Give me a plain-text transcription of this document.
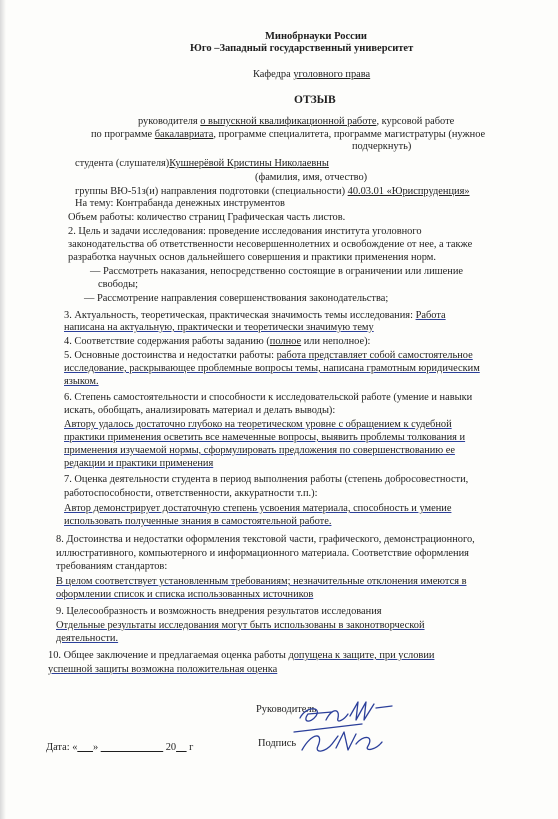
Минобрнауки России
Юго –Западный государственный университет
Кафедра уголовного права
ОТЗЫВ
руководителя о выпускной квалификационной работе, курсовой работе
по программе бакалавриата, программе специалитета, программе магистратуры (нужное
подчеркнуть)
студента (слушателя)Кушнерёвой Кристины Николаевны
(фамилия, имя, отчество)
группы ВЮ-51з(и) направления подготовки (специальности) 40.03.01 «Юриспруденция»
На тему: Контрабанда денежных инструментов
Объем работы: количество страниц Графическая часть листов.
2. Цель и задачи исследования: проведение исследования института уголовного
законодательства об ответственности несовершеннолетних и освобождение от нее, а также
разработка научных основ дальнейшего совершения и практики применения норм.
— Рассмотреть наказания, непосредственно состоящие в ограничении или лишение
свободы;
— Рассмотрение направления совершенствования законодательства;
3. Актуальность, теоретическая, практическая значимость темы исследования: Работа
написана на актуальную, практически и теоретически значимую тему
4. Соответствие содержания работы заданию (полное или неполное):
5. Основные достоинства и недостатки работы: работа представляет собой самостоятельное
исследование, раскрывающее проблемные вопросы темы, написана грамотным юридическим
языком.
6. Степень самостоятельности и способности к исследовательской работе (умение и навыки
искать, обобщать, анализировать материал и делать выводы):
Автору удалось достаточно глубоко на теоретическом уровне с обращением к судебной
практики применения осветить все намеченные вопросы, выявить проблемы толкования и
применения изучаемой нормы, сформулировать предложения по совершенствованию ее
редакции и практики применения
7. Оценка деятельности студента в период выполнения работы (степень добросовестности,
работоспособности, ответственности, аккуратности т.п.):
Автор демонстрирует достаточную степень усвоения материала, способность и умение
использовать полученные знания в самостоятельной работе.
8. Достоинства и недостатки оформления текстовой части, графического, демонстрационного,
иллюстративного, компьютерного и информационного материала. Соответствие оформления
требованиям стандартов:
В целом соответствует установленным требованиям; незначительные отклонения имеются в
оформлении список и списка использованных источников
9. Целесообразность и возможность внедрения результатов исследования
Отдельные результаты исследования могут быть использованы в законотворческой
деятельности.
10. Общее заключение и предлагаемая оценка работы допущена к защите, при условии
успешной защиты возможна положительная оценка
Руководитель
Подпись
Дата: «___» ____________ 20__ г
